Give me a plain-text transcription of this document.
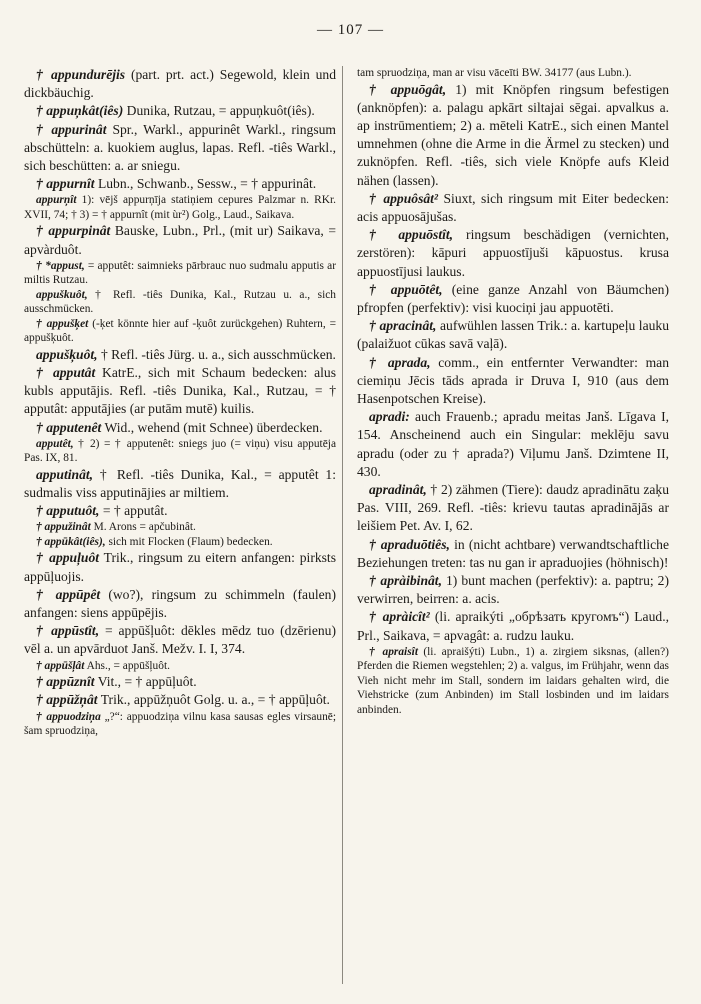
— 107 —

† appundurējis (part. prt. act.) Segewold, klein und dickbäuchig.

† appuņkât(iês) Dunika, Rutzau, = appuņkuôt(iês).

† appurinât Spr., Warkl., appurinêt Warkl., ringsum abschütteln: a. kuokiem auglus, lapas. Refl. -tiês Warkl., sich beschütten: a. ar sniegu.

† appurnît Lubn., Schwanb., Sessw., = † appurinât.

appurņît 1): vējš appurņīja statiņiem cepures Palzmar n. RKr. XVII, 74; † 3) = † appurnît (mit ùr²) Golg., Laud., Saikava.

† appurpinât Bauske, Lubn., Prl., (mit ur) Saikava, = apvàrduôt.

† *appust, = apputêt: saimnieks pārbrauc nuo sudmalu apputis ar miltis Rutzau.

appuškuôt, † Refl. -tiês Dunika, Kal., Rutzau u. a., sich ausschmücken.

† appušķet (-ķet könnte hier auf -ķuôt zurückgehen) Ruhtern, = appušķuôt.

appušķuôt, † Refl. -tiês Jürg. u. a., sich ausschmücken.

† apputât KatrE., sich mit Schaum bedecken: alus kubls apputājis. Refl. -tiês Dunika, Kal., Rutzau, = † apputât: apputājies (ar putām mutē) kuilis.

† apputenêt Wid., wehend (mit Schnee) überdecken.

apputêt, † 2) = † apputenêt: sniegs juo (= viņu) visu apputēja Pas. IX, 81.

apputinât, † Refl. -tiês Dunika, Kal., = apputêt 1: sudmalis viss apputinājies ar miltiem.

† apputuôt, = † apputât.

† appužinât M. Arons = apčubinât.

† appūkât(iês), sich mit Flocken (Flaum) bedecken.

† appuļuôt Trik., ringsum zu eitern anfangen: pirksts appūļuojis.

† appūpêt (wo?), ringsum zu schimmeln (faulen) anfangen: siens appūpējis.

† appūstît, = appūšļuôt: dēkles mēdz tuo (dzērienu) vēl a. un apvārduot Janš. Mežv. I. I, 374.

† appūšļât Ahs., = appūšļuôt.

† appūznît Vit., = † appūļuôt.

† appūžņât Trik., appūžņuôt Golg. u. a., = † appūļuôt.

† appuodziņa „?“: appuodziņa vilnu kasa sausas egles virsaunē; šam spruodziņa,

tam spruodziņa, man ar visu vāceīti BW. 34177 (aus Lubn.).

† appuōgât, 1) mit Knöpfen ringsum befestigen (anknöpfen): a. palagu apkārt siltajai sēgai. apvalkus a. ap instrūmentiem; 2) a. mēteli KatrE., sich einen Mantel umnehmen (ohne die Arme in die Ärmel zu stecken) und zuknöpfen. Refl. -tiês, sich viele Knöpfe aufs Kleid nähen (lassen).

† appuôsât² Siuxt, sich ringsum mit Eiter bedecken: acis appuosājušas.

† appuōstît, ringsum beschädigen (vernichten, zerstören): kāpuri appuostījuši kāpuostus. krusa appuostījusi laukus.

† appuōtêt, (eine ganze Anzahl von Bäumchen) pfropfen (perfektiv): visi kuociņi jau appuotēti.

† apracinât, aufwühlen lassen Trik.: a. kartupeļu lauku (palaižuot cūkas savā vaļā).

† aprada, comm., ein entfernter Verwandter: man ciemiņu Jēcis tāds aprada ir Druva I, 910 (aus dem Hasenpotschen Kreise).

apradi: auch Frauenb.; apradu meitas Janš. Līgava I, 154. Anscheinend auch ein Singular: meklēju savu apradu (oder zu † aprada?) Viļumu Janš. Dzimtene II, 430.

apradinât, † 2) zähmen (Tiere): daudz apradinātu zaķu Pas. VIII, 269. Refl. -tiês: krievu tautas apradinājās ar leišiem Pet. Av. I, 62.

† apraduōtiês, in (nicht achtbare) verwandtschaftliche Beziehungen treten: tas nu gan ir apraduojies (höhnisch)!

† apràibinât, 1) bunt machen (perfektiv): a. paptru; 2) verwirren, beirren: a. acis.

† apràicît² (li. apraikýti „обрѣзать кругомъ“) Laud., Prl., Saikava, = apvagât: a. rudzu lauku.

† apraisît (li. apraišýti) Lubn., 1) a. zirgiem siksnas, (allen?) Pferden die Riemen wegstehlen; 2) a. valgus, im Frühjahr, wenn das Vieh nicht mehr im Stall, sondern im laidars gehalten wird, die Viehstricke (zum Anbinden) im Stall losbinden und im laidars anbinden.
